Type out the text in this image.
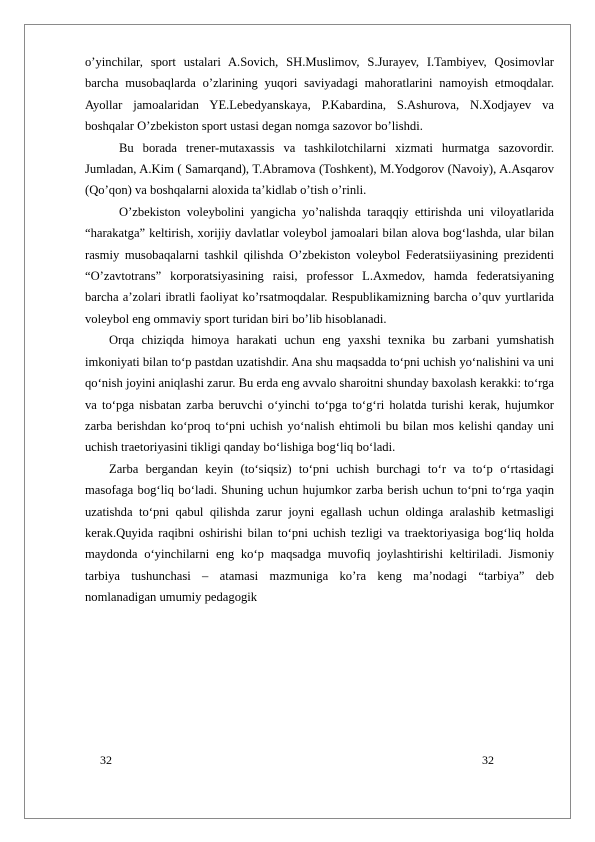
o’yinchilar, sport ustalari A.Sovich, SH.Muslimov, S.Jurayev, I.Tambiyev, Qosimovlar barcha musobaqlarda o’zlarining yuqori saviyadagi mahoratlarini namoyish etmoqdalar. Ayollar jamoalaridan YE.Lebedyanskaya, P.Kabardina, S.Ashurova, N.Xodjayev va boshqalar O’zbekiston sport ustasi degan nomga sazovor bo’lishdi.

Bu borada trener-mutaxassis va tashkilotchilarni xizmati hurmatga sazovordir. Jumladan, A.Kim ( Samarqand), T.Abramova (Toshkent), M.Yodgorov (Navoiy), A.Asqarov (Qo’qon) va boshqalarni aloxida ta’kidlab o’tish o’rinli.

O’zbekiston voleybolini yangicha yo’nalishda taraqqiy ettirishda uni viloyatlarida “harakatga” keltirish, xorijiy davlatlar voleybol jamoalari bilan alova bog‘lashda, ular bilan rasmiy musobaqalarni tashkil qilishda O’zbekiston voleybol Federatsiiyasining prezidenti “O’zavtotrans” korporatsiyasining raisi, professor L.Axmedov, hamda federatsiyaning barcha a’zolari ibratli faoliyat ko’rsatmoqdalar. Respublikamizning barcha o’quv yurtlarida voleybol eng ommaviy sport turidan biri bo’lib hisoblanadi.

Orqa chiziqda himoya harakati uchun eng yaxshi texnika bu zarbani yumshatish imkoniyati bilan to‘p pastdan uzatishdir. Ana shu maqsadda to‘pni uchish yo‘nalishini va uni qo‘nish joyini aniqlashi zarur. Bu erda eng avvalo sharoitni shunday baxolash kerakki: to‘rga va to‘pga nisbatan zarba beruvchi o‘yinchi to‘pga to‘g‘ri holatda turishi kerak, hujumkor zarba berishdan ko‘proq to‘pni uchish yo‘nalish ehtimoli bu bilan mos kelishi qanday uni uchish traetoriyasini tikligi qanday bo‘lishiga bog‘liq bo‘ladi.

Zarba bergandan keyin (to‘siqsiz) to‘pni uchish burchagi to‘r va to‘p o‘rtasidagi masofaga bog‘liq bo‘ladi. Shuning uchun hujumkor zarba berish uchun to‘pni to‘rga yaqin uzatishda to‘pni qabul qilishda zarur joyni egallash uchun oldinga aralashib ketmasligi kerak.Quyida raqibni oshirishi bilan to‘pni uchish tezligi va traektoriyasiga bog‘liq holda maydonda o‘yinchilarni eng ko‘p maqsadga muvofiq joylashtirishi keltiriladi. Jismoniy tarbiya tushunchasi – atamasi mazmuniga ko’ra keng ma’nodagi “tarbiya” deb nomlanadigan umumiy pedagogik

32	32
